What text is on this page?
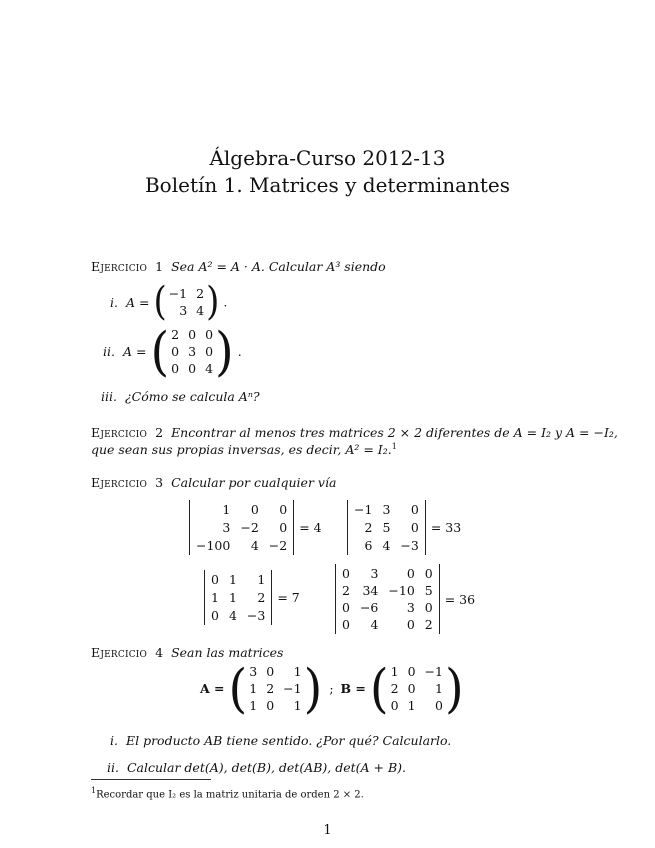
Álgebra-Curso 2012-13
Boletín 1. Matrices y determinantes
Ejercicio 1 Sea A² = A · A. Calcular A³ siendo
i. A = ( −1 2
3 4 ) .
ii. A = ( 2 0 0
0 3 0
0 0 4 ) .
iii. ¿Cómo se calcula Aⁿ?
Ejercicio 2 Encontrar al menos tres matrices 2 × 2 diferentes de A = I₂ y A = −I₂,
que sean sus propias inversas, es decir, A² = I₂.$^1$
Ejercicio 3 Calcular por cualquier vía
1	0	0
3 −2	0
−100	4 −2
= 4
−1 3	0
2 5	0
6 4 −3
= 33
0 1	1
1 1	2
0 4 −3
= 7
0	3	0 0
2 34 −10 5
0 −6	3 0
0	4	0 2
= 36
Ejercicio 4 Sean las matrices
A = ( 3 0	1
1 2 −1
1 0	1 ) ; B = ( 1 0 −1
2 0	1
0 1	0 )
i. El producto AB tiene sentido. ¿Por qué? Calcularlo.
ii. Calcular det(A), det(B), det(AB), det(A + B).
$^1$Recordar que I₂ es la matriz unitaria de orden 2 × 2.
1
